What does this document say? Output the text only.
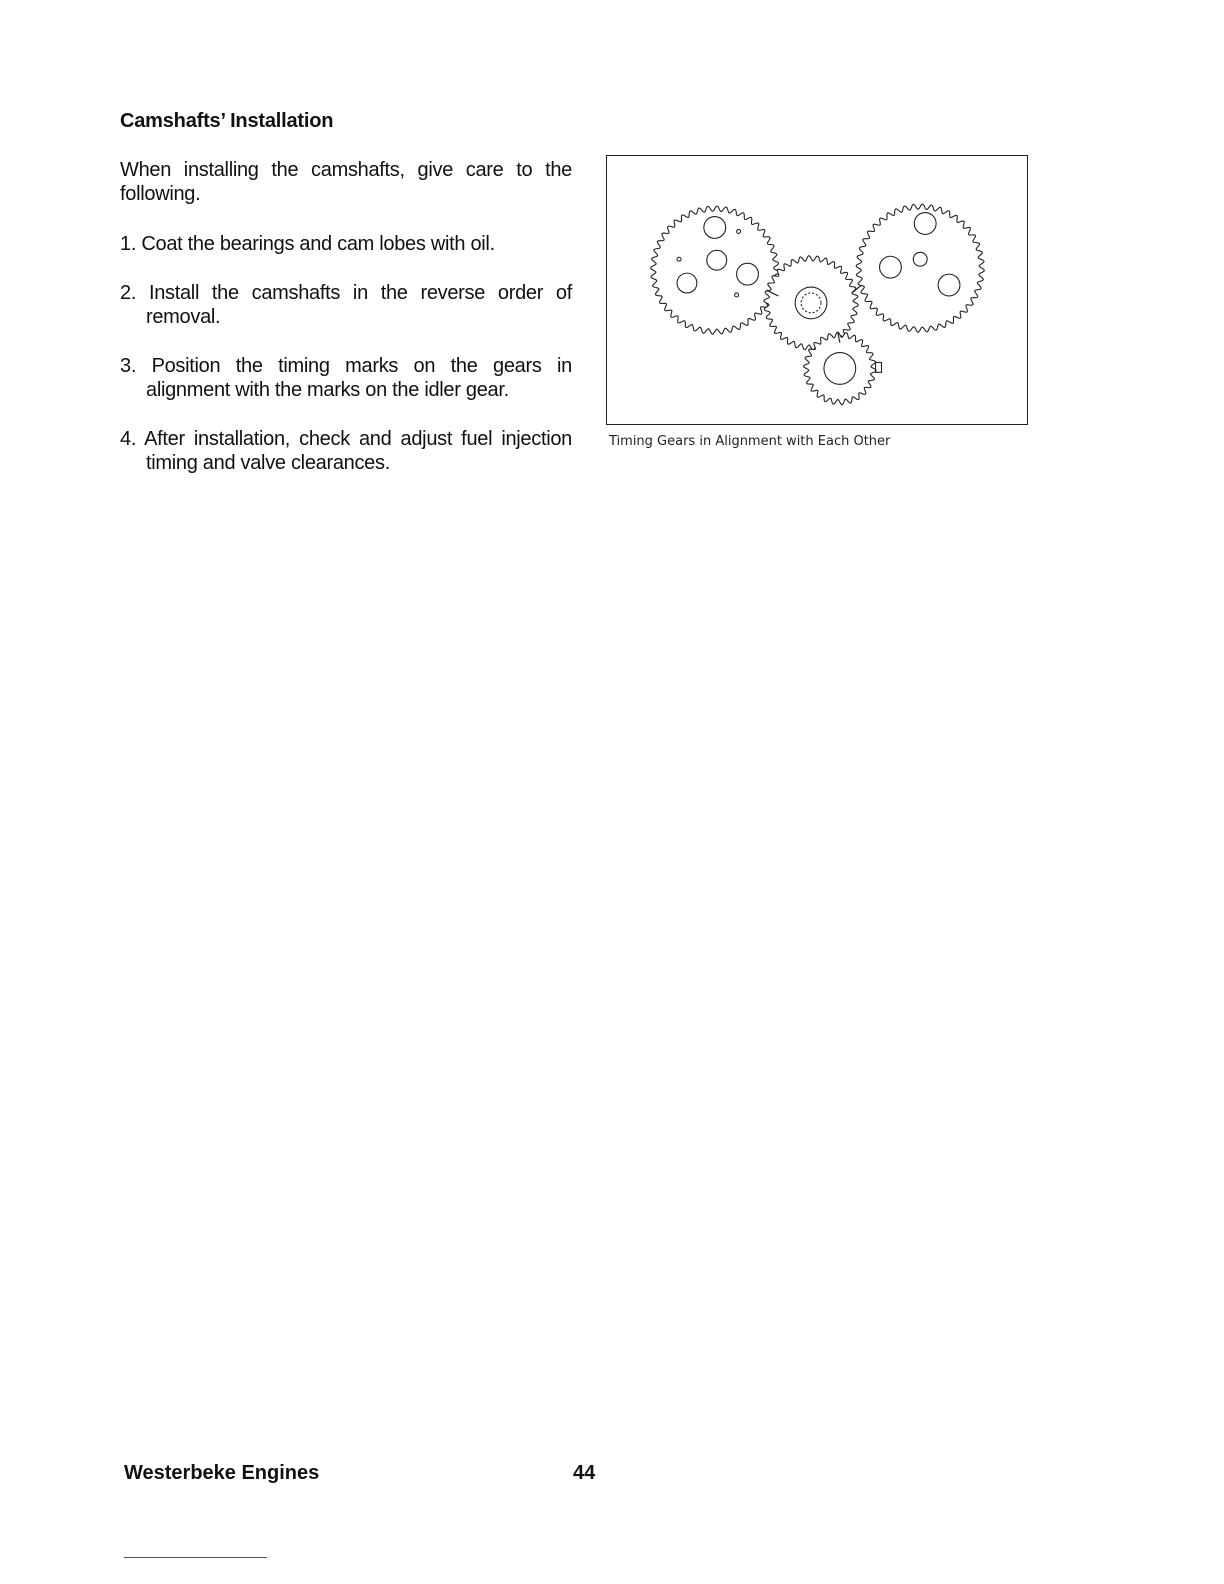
Camshafts’ Installation

When installing the camshafts, give care to the following.

1. Coat the bearings and cam lobes with oil.
2. Install the camshafts in the reverse order of removal.
3. Position the timing marks on the gears in alignment with the marks on the idler gear.
4. After installation, check and adjust fuel injection timing and valve clearances.

Timing Gears in Alignment with Each Other

Westerbeke Engines	44
